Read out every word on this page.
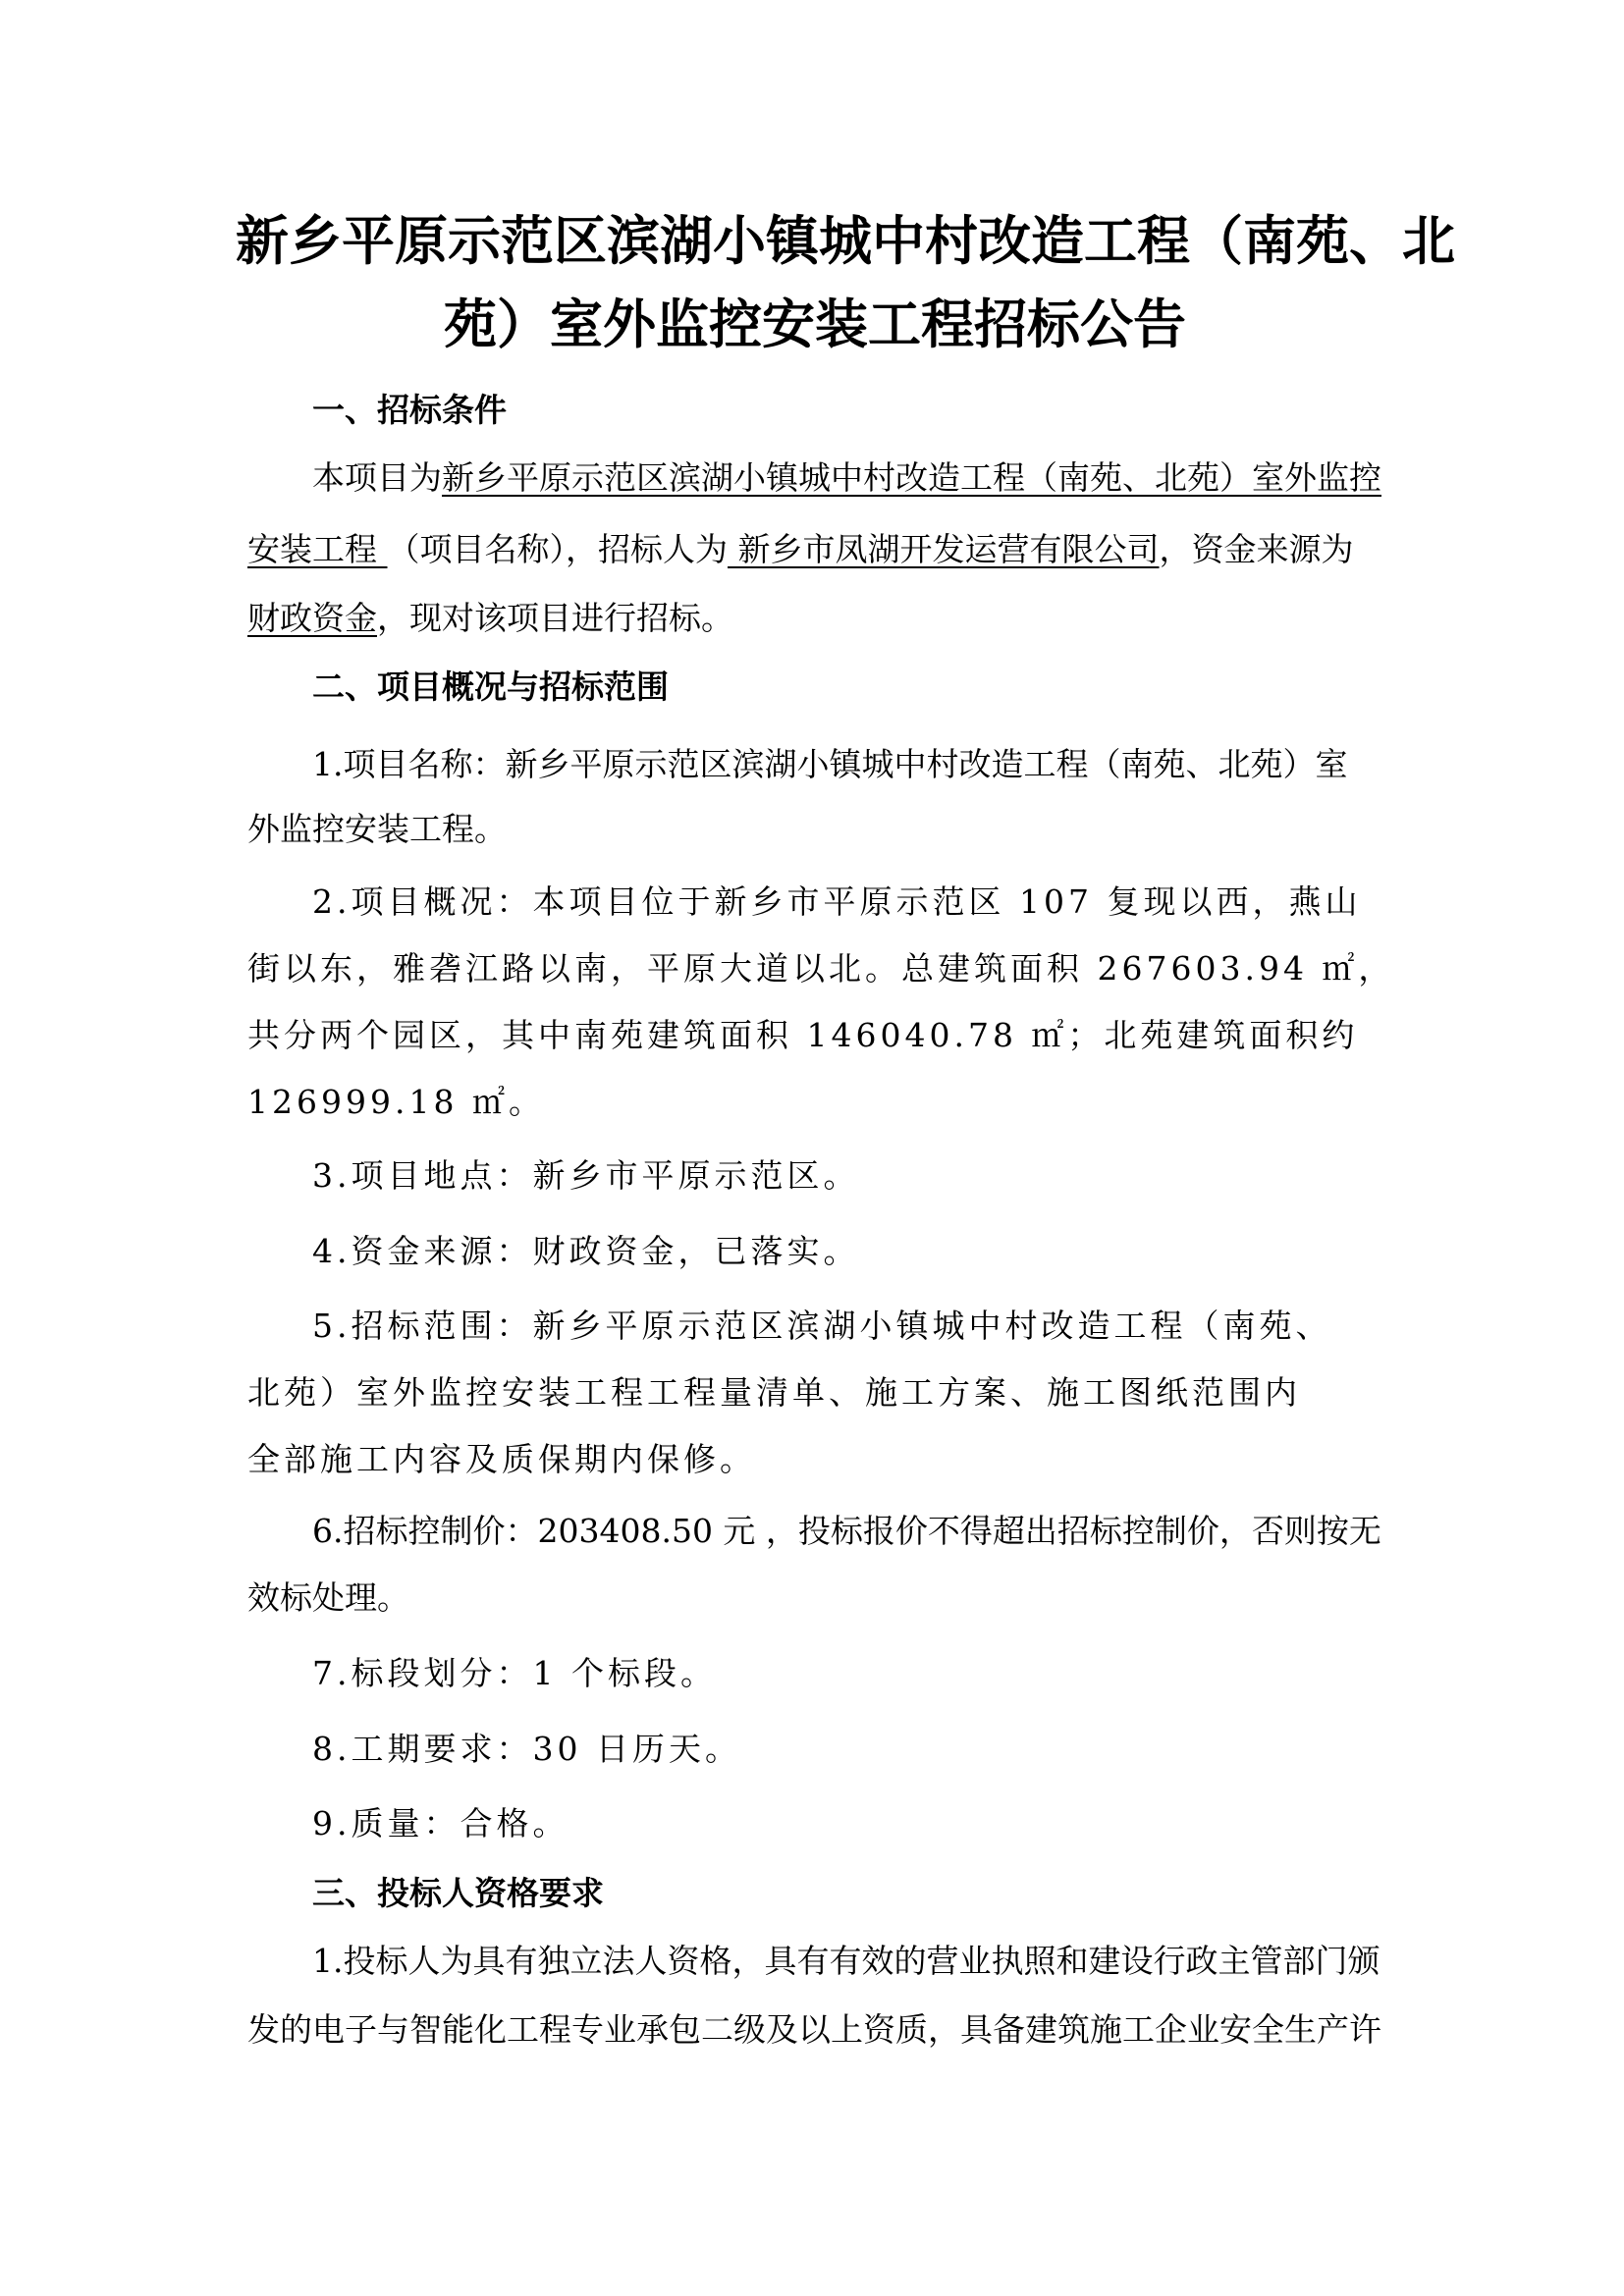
新乡平原示范区滨湖小镇城中村改造工程（南苑、北
苑）室外监控安装工程招标公告
一、招标条件
本项目为新乡平原示范区滨湖小镇城中村改造工程（南苑、北苑）室外监控
安装工程 （项目名称），招标人为 新乡市凤湖开发运营有限公司，资金来源为
财政资金，现对该项目进行招标。
二、项目概况与招标范围
1.项目名称：新乡平原示范区滨湖小镇城中村改造工程（南苑、北苑）室
外监控安装工程。
2.项目概况：本项目位于新乡市平原示范区 107 复现以西，燕山
街以东，雅砻江路以南，平原大道以北。总建筑面积 267603.94 ㎡，
共分两个园区，其中南苑建筑面积 146040.78 ㎡；北苑建筑面积约
126999.18 ㎡。
3.项目地点：新乡市平原示范区。
4.资金来源：财政资金，已落实。
5.招标范围：新乡平原示范区滨湖小镇城中村改造工程（南苑、
北苑）室外监控安装工程工程量清单、施工方案、施工图纸范围内
全部施工内容及质保期内保修。
6.招标控制价：203408.50 元 ，投标报价不得超出招标控制价，否则按无
效标处理。
7.标段划分：1 个标段。
8.工期要求：30 日历天。
9.质量：合格。
三、投标人资格要求
1.投标人为具有独立法人资格，具有有效的营业执照和建设行政主管部门颁
发的电子与智能化工程专业承包二级及以上资质，具备建筑施工企业安全生产许
